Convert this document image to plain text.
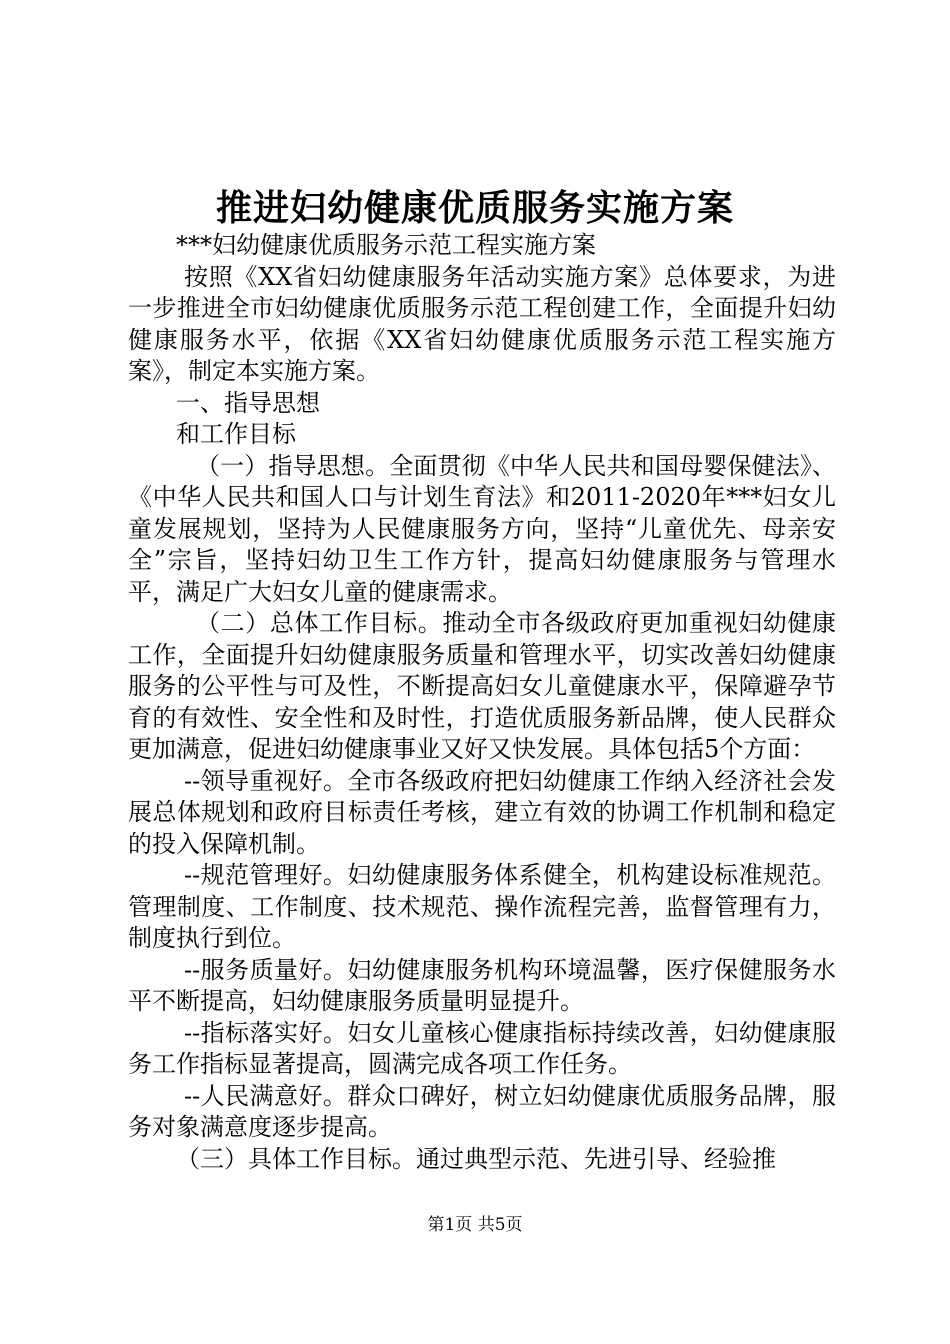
推进妇幼健康优质服务实施方案

***妇幼健康优质服务示范工程实施方案

按照《XX省妇幼健康服务年活动实施方案》总体要求，为进一步推进全市妇幼健康优质服务示范工程创建工作，全面提升妇幼健康服务水平，依据《XX省妇幼健康优质服务示范工程实施方案》，制定本实施方案。

一、指导思想

和工作目标

（一）指导思想。全面贯彻《中华人民共和国母婴保健法》、《中华人民共和国人口与计划生育法》和2011-2020年***妇女儿童发展规划，坚持为人民健康服务方向，坚持“儿童优先、母亲安全”宗旨，坚持妇幼卫生工作方针，提高妇幼健康服务与管理水平，满足广大妇女儿童的健康需求。

（二）总体工作目标。推动全市各级政府更加重视妇幼健康工作，全面提升妇幼健康服务质量和管理水平，切实改善妇幼健康服务的公平性与可及性，不断提高妇女儿童健康水平，保障避孕节育的有效性、安全性和及时性，打造优质服务新品牌，使人民群众更加满意，促进妇幼健康事业又好又快发展。具体包括5个方面：

--领导重视好。全市各级政府把妇幼健康工作纳入经济社会发展总体规划和政府目标责任考核，建立有效的协调工作机制和稳定的投入保障机制。

--规范管理好。妇幼健康服务体系健全，机构建设标准规范。管理制度、工作制度、技术规范、操作流程完善，监督管理有力，制度执行到位。

--服务质量好。妇幼健康服务机构环境温馨，医疗保健服务水平不断提高，妇幼健康服务质量明显提升。

--指标落实好。妇女儿童核心健康指标持续改善，妇幼健康服务工作指标显著提高，圆满完成各项工作任务。

--人民满意好。群众口碑好，树立妇幼健康优质服务品牌，服务对象满意度逐步提高。

（三）具体工作目标。通过典型示范、先进引导、经验推

第1页 共5页
